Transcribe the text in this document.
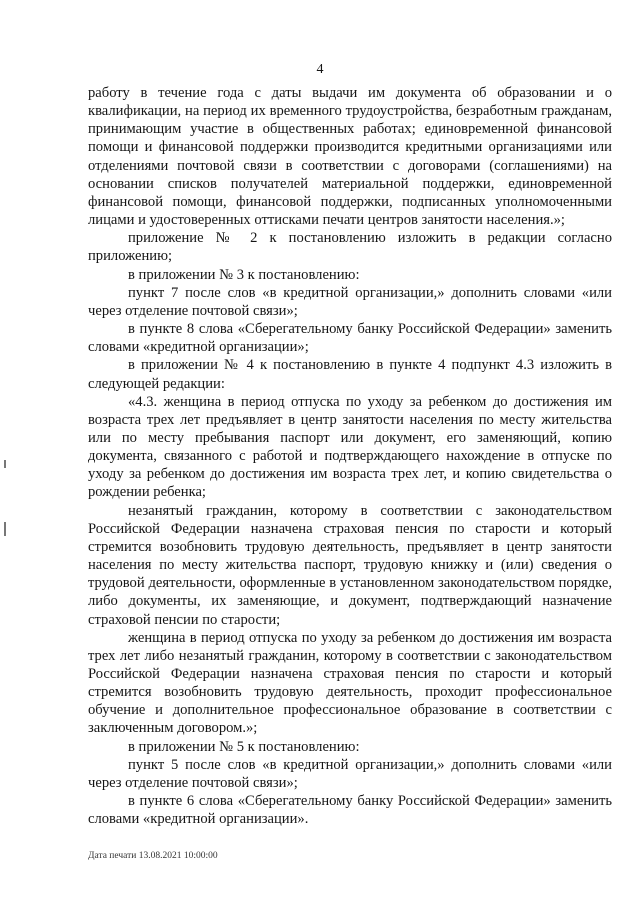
4

работу в течение года с даты выдачи им документа об образовании и о квалификации, на период их временного трудоустройства, безработным гражданам, принимающим участие в общественных работах; единовременной финансовой помощи и финансовой поддержки производится кредитными организациями или отделениями почтовой связи в соответствии с договорами (соглашениями) на основании списков получателей материальной поддержки, единовременной финансовой помощи, финансовой поддержки, подписанных уполномоченными лицами и удостоверенных оттисками печати центров занятости населения.»;

приложение № 2 к постановлению изложить в редакции согласно приложению;

в приложении № 3 к постановлению:

пункт 7 после слов «в кредитной организации,» дополнить словами «или через отделение почтовой связи»;

в пункте 8 слова «Сберегательному банку Российской Федерации» заменить словами «кредитной организации»;

в приложении № 4 к постановлению в пункте 4 подпункт 4.3 изложить в следующей редакции:

«4.3. женщина в период отпуска по уходу за ребенком до достижения им возраста трех лет предъявляет в центр занятости населения по месту жительства или по месту пребывания паспорт или документ, его заменяющий, копию документа, связанного с работой и подтверждающего нахождение в отпуске по уходу за ребенком до достижения им возраста трех лет, и копию свидетельства о рождении ребенка;

незанятый гражданин, которому в соответствии с законодательством Российской Федерации назначена страховая пенсия по старости и который стремится возобновить трудовую деятельность, предъявляет в центр занятости населения по месту жительства паспорт, трудовую книжку и (или) сведения о трудовой деятельности, оформленные в установленном законодательством порядке, либо документы, их заменяющие, и документ, подтверждающий назначение страховой пенсии по старости;

женщина в период отпуска по уходу за ребенком до достижения им возраста трех лет либо незанятый гражданин, которому в соответствии с законодательством Российской Федерации назначена страховая пенсия по старости и который стремится возобновить трудовую деятельность, проходит профессиональное обучение и дополнительное профессиональное образование в соответствии с заключенным договором.»;

в приложении № 5 к постановлению:

пункт 5 после слов «в кредитной организации,» дополнить словами «или через отделение почтовой связи»;

в пункте 6 слова «Сберегательному банку Российской Федерации» заменить словами «кредитной организации».

Дата печати 13.08.2021 10:00:00
